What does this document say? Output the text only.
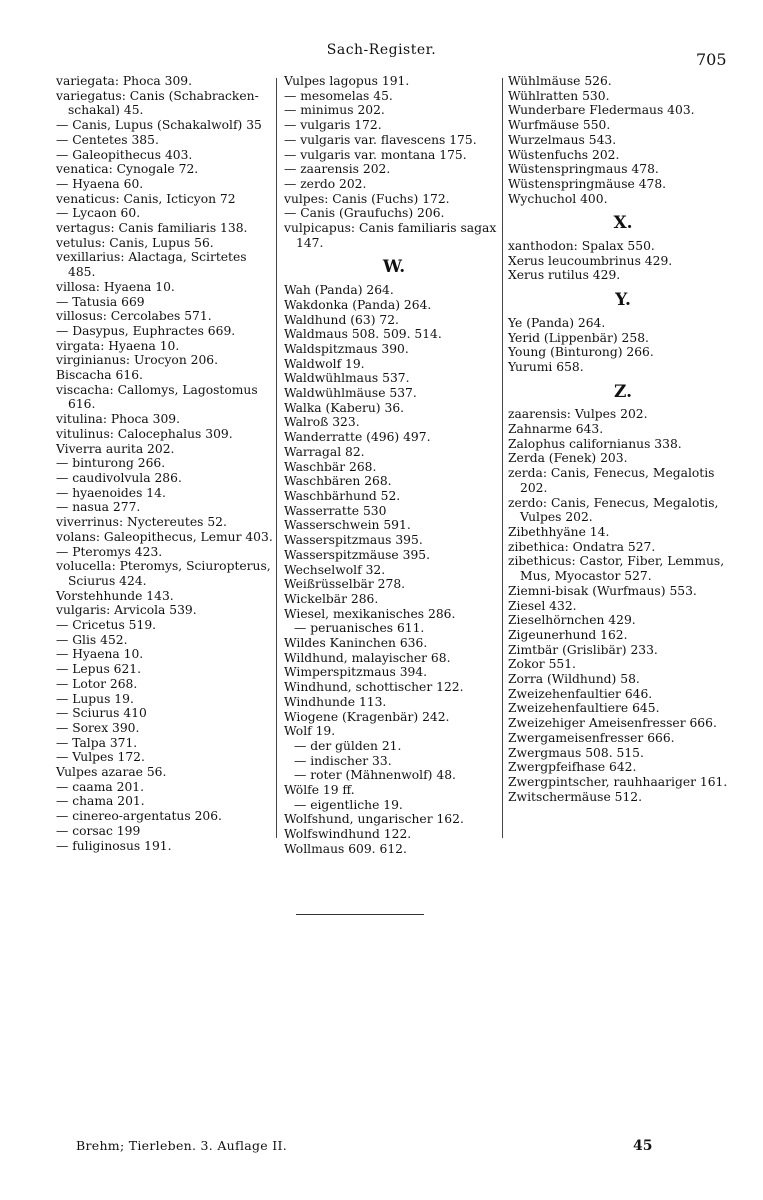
Sach-Register.	705
variegata: Phoca 309.
variegatus: Canis (Schabracken-schakal) 45.
— Canis, Lupus (Schakalwolf) 35
— Centetes 385.
— Galeopithecus 403.
venatica: Cynogale 72.
— Hyaena 60.
venaticus: Canis, Icticyon 72
— Lycaon 60.
vertagus: Canis familiaris 138.
vetulus: Canis, Lupus 56.
vexillarius: Alactaga, Scirtetes 485.
villosa: Hyaena 10.
— Tatusia 669
villosus: Cercolabes 571.
— Dasypus, Euphractes 669.
virgata: Hyaena 10.
virginianus: Urocyon 206.
Biscacha 616.
viscacha: Callomys, Lagostomus 616.
vitulina: Phoca 309.
vitulinus: Calocephalus 309.
Viverra aurita 202.
— binturong 266.
— caudivolvula 286.
— hyaenoides 14.
— nasua 277.
viverrinus: Nyctereutes 52.
volans: Galeopithecus, Lemur 403.
— Pteromys 423.
volucella: Pteromys, Sciuropterus, Sciurus 424.
Vorstehhunde 143.
vulgaris: Arvicola 539.
— Cricetus 519.
— Glis 452.
— Hyaena 10.
— Lepus 621.
— Lotor 268.
— Lupus 19.
— Sciurus 410
— Sorex 390.
— Talpa 371.
— Vulpes 172.
Vulpes azarae 56.
— caama 201.
— chama 201.
— cinereo-argentatus 206.
— corsac 199
— fuliginosus 191.
Vulpes lagopus 191.
— mesomelas 45.
— minimus 202.
— vulgaris 172.
— vulgaris var. flavescens 175.
— vulgaris var. montana 175.
— zaarensis 202.
— zerdo 202.
vulpes: Canis (Fuchs) 172.
— Canis (Graufuchs) 206.
vulpicapus: Canis familiaris sagax 147.
W.
Wah (Panda) 264.
Wakdonka (Panda) 264.
Waldhund (63) 72.
Waldmaus 508. 509. 514.
Waldspitzmaus 390.
Waldwolf 19.
Waldwühlmaus 537.
Waldwühlmäuse 537.
Walka (Kaberu) 36.
Walroß 323.
Wanderratte (496) 497.
Warragal 82.
Waschbär 268.
Waschbären 268.
Waschbärhund 52.
Wasserratte 530
Wasserschwein 591.
Wasserspitzmaus 395.
Wasserspitzmäuse 395.
Wechselwolf 32.
Weißrüsselbär 278.
Wickelbär 286.
Wiesel, mexikanisches 286.
— peruanisches 611.
Wildes Kaninchen 636.
Wildhund, malayischer 68.
Wimperspitzmaus 394.
Windhund, schottischer 122.
Windhunde 113.
Wiogene (Kragenbär) 242.
Wolf 19.
— der gülden 21.
— indischer 33.
— roter (Mähnenwolf) 48.
Wölfe 19 ff.
— eigentliche 19.
Wolfshund, ungarischer 162.
Wolfswindhund 122.
Wollmaus 609. 612.
Wühlmäuse 526.
Wühlratten 530.
Wunderbare Fledermaus 403.
Wurfmäuse 550.
Wurzelmaus 543.
Wüstenfuchs 202.
Wüstenspringmaus 478.
Wüstenspringmäuse 478.
Wychuchol 400.
X.
xanthodon: Spalax 550.
Xerus leucoumbrinus 429.
Xerus rutilus 429.
Y.
Ye (Panda) 264.
Yerid (Lippenbär) 258.
Young (Binturong) 266.
Yurumi 658.
Z.
zaarensis: Vulpes 202.
Zahnarme 643.
Zalophus californianus 338.
Zerda (Fenek) 203.
zerda: Canis, Fenecus, Megalotis 202.
zerdo: Canis, Fenecus, Megalotis, Vulpes 202.
Zibethhyäne 14.
zibethica: Ondatra 527.
zibethicus: Castor, Fiber, Lemmus, Mus, Myocastor 527.
Ziemni-bisak (Wurfmaus) 553.
Ziesel 432.
Zieselhörnchen 429.
Zigeunerhund 162.
Zimtbär (Grislibär) 233.
Zokor 551.
Zorra (Wildhund) 58.
Zweizehenfaultier 646.
Zweizehenfaultiere 645.
Zweizehiger Ameisenfresser 666.
Zwergameisenfresser 666.
Zwergmaus 508. 515.
Zwergpfeifhase 642.
Zwergpintscher, rauhhaariger 161.
Zwitschermäuse 512.
Brehm; Tierleben. 3. Auflage II.	45
